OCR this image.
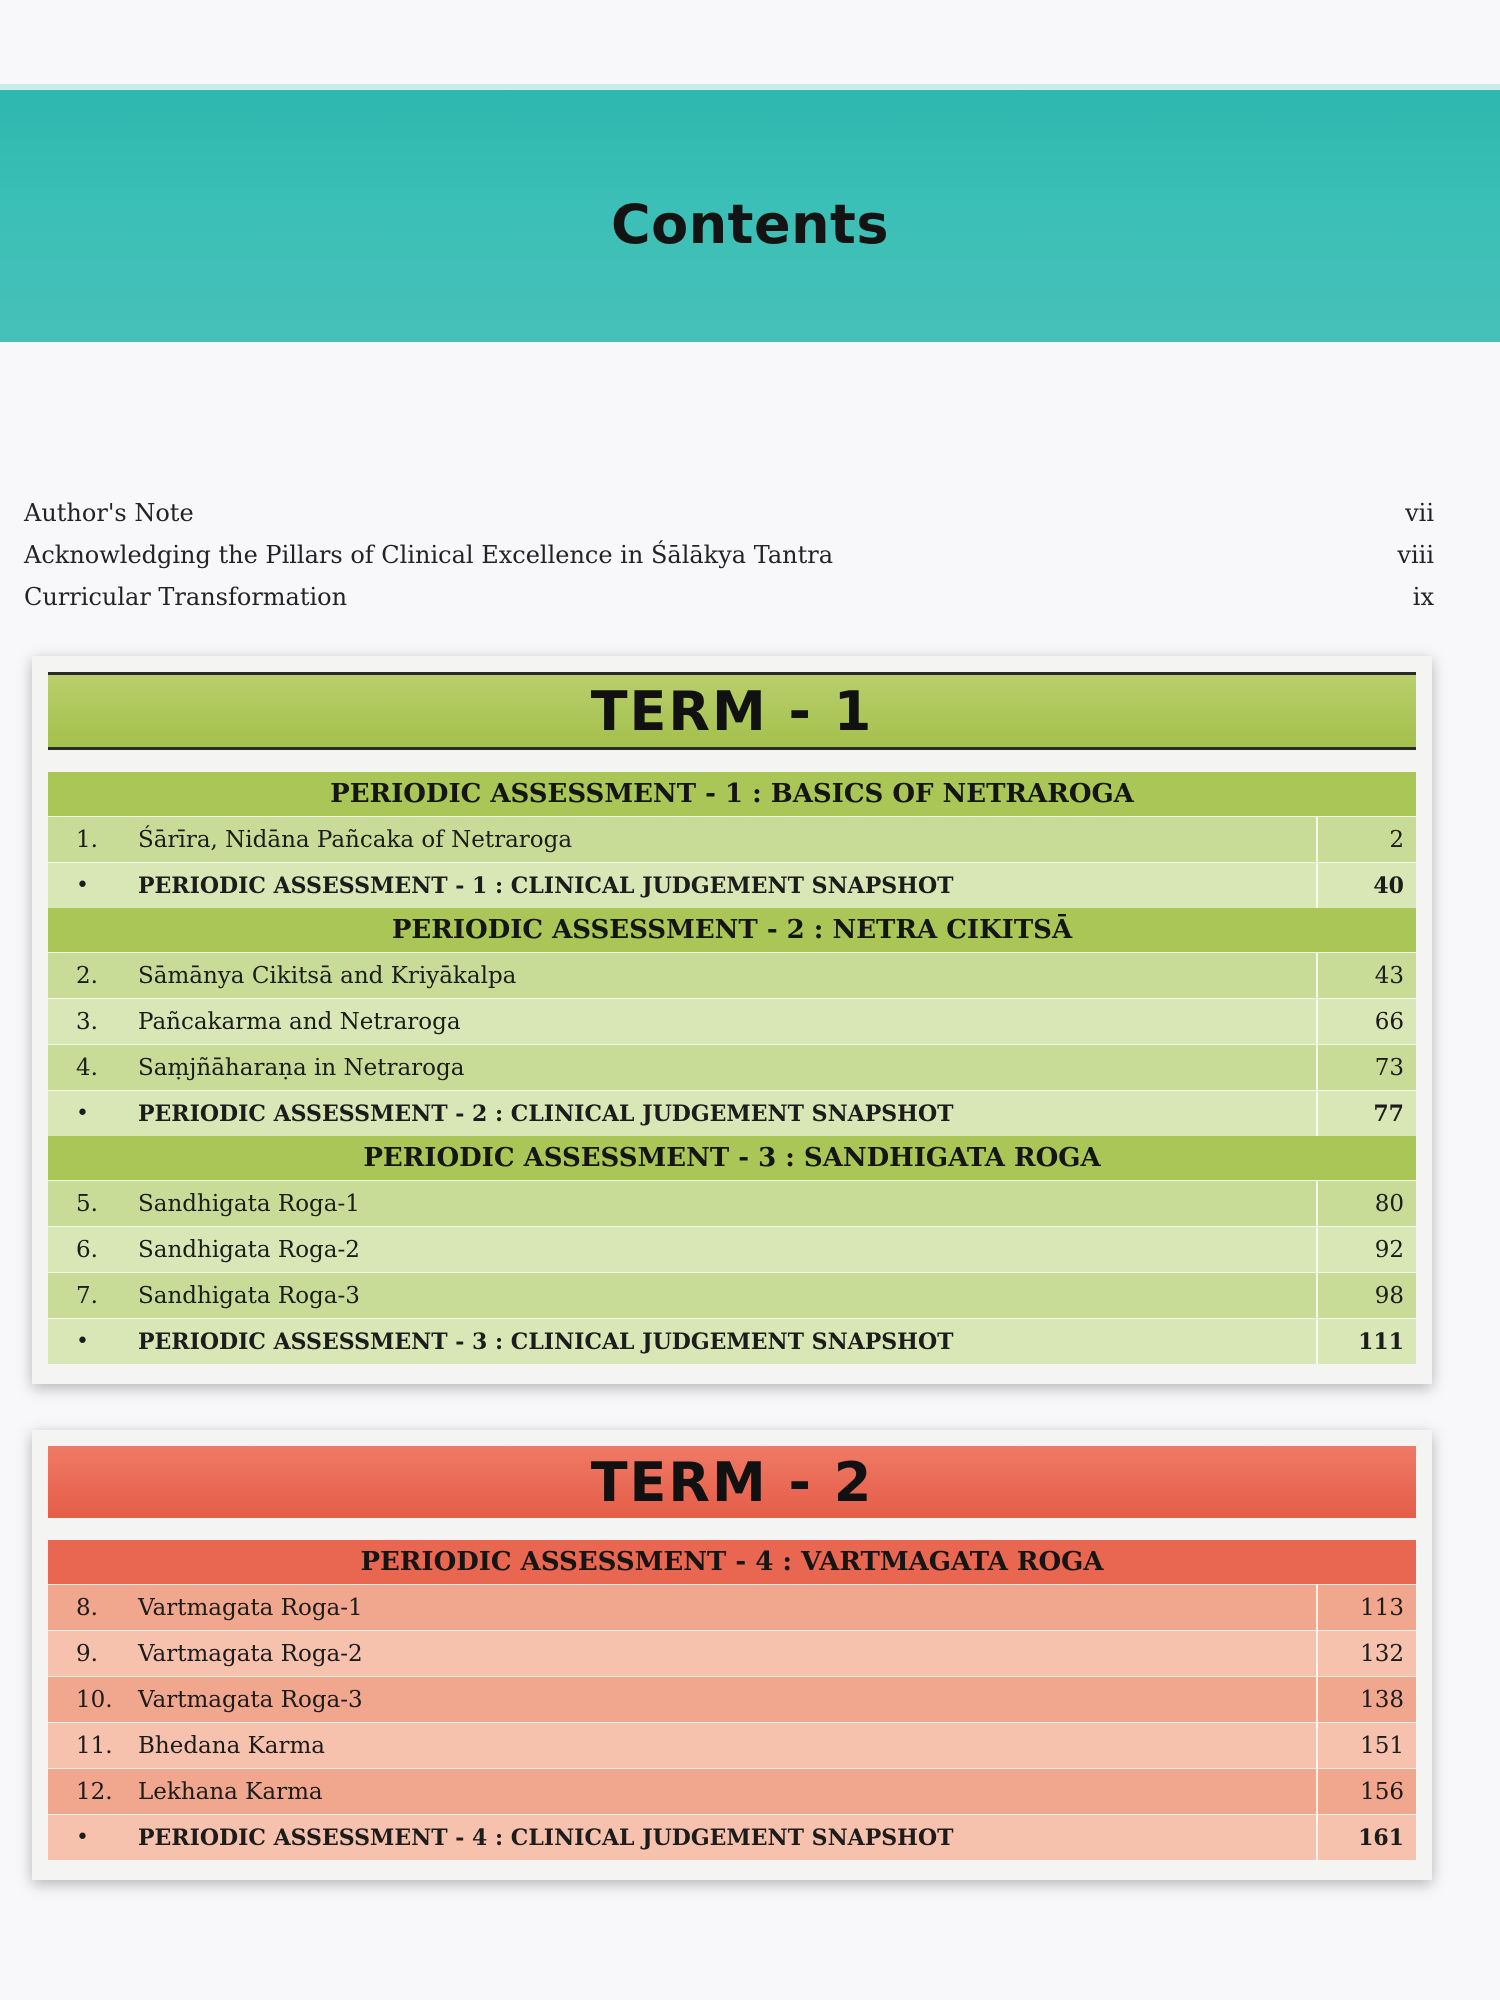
Contents
Author's Note	vii
Acknowledging the Pillars of Clinical Excellence in Śālākya Tantra	viii
Curricular Transformation	ix
TERM - 1
PERIODIC ASSESSMENT - 1 : BASICS OF NETRAROGA
1.	Śārīra, Nidāna Pañcaka of Netraroga	2
•	PERIODIC ASSESSMENT - 1 : CLINICAL JUDGEMENT SNAPSHOT	40
PERIODIC ASSESSMENT - 2 : NETRA CIKITSĀ
2.	Sāmānya Cikitsā and Kriyākalpa	43
3.	Pañcakarma and Netraroga	66
4.	Saṃjñāharaṇa in Netraroga	73
•	PERIODIC ASSESSMENT - 2 : CLINICAL JUDGEMENT SNAPSHOT	77
PERIODIC ASSESSMENT - 3 : SANDHIGATA ROGA
5.	Sandhigata Roga-1	80
6.	Sandhigata Roga-2	92
7.	Sandhigata Roga-3	98
•	PERIODIC ASSESSMENT - 3 : CLINICAL JUDGEMENT SNAPSHOT	111
TERM - 2
PERIODIC ASSESSMENT - 4 : VARTMAGATA ROGA
8.	Vartmagata Roga-1	113
9.	Vartmagata Roga-2	132
10.	Vartmagata Roga-3	138
11.	Bhedana Karma	151
12.	Lekhana Karma	156
•	PERIODIC ASSESSMENT - 4 : CLINICAL JUDGEMENT SNAPSHOT	161
